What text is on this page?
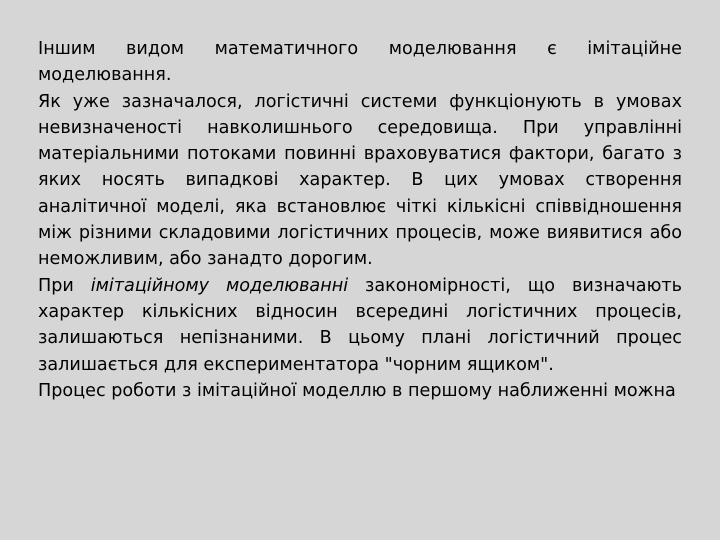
Іншим видом математичного моделювання є імітаційне моделювання.

Як уже зазначалося, логістичні системи функціонують в умовах невизначеності навколишнього середовища. При управлінні матеріальними потоками повинні враховуватися фактори, багато з яких носять випадкові характер. В цих умовах створення аналітичної моделі, яка встановлює чіткі кількісні співвідношення між різними складовими логістичних процесів, може виявитися або неможливим, або занадто дорогим.

При імітаційному моделюванні закономірності, що визначають характер кількісних відносин всередині логістичних процесів, залишаються непізнаними. В цьому плані логістичний процес залишається для експериментатора "чорним ящиком".

Процес роботи з імітаційної моделлю в першому наближенні можна
